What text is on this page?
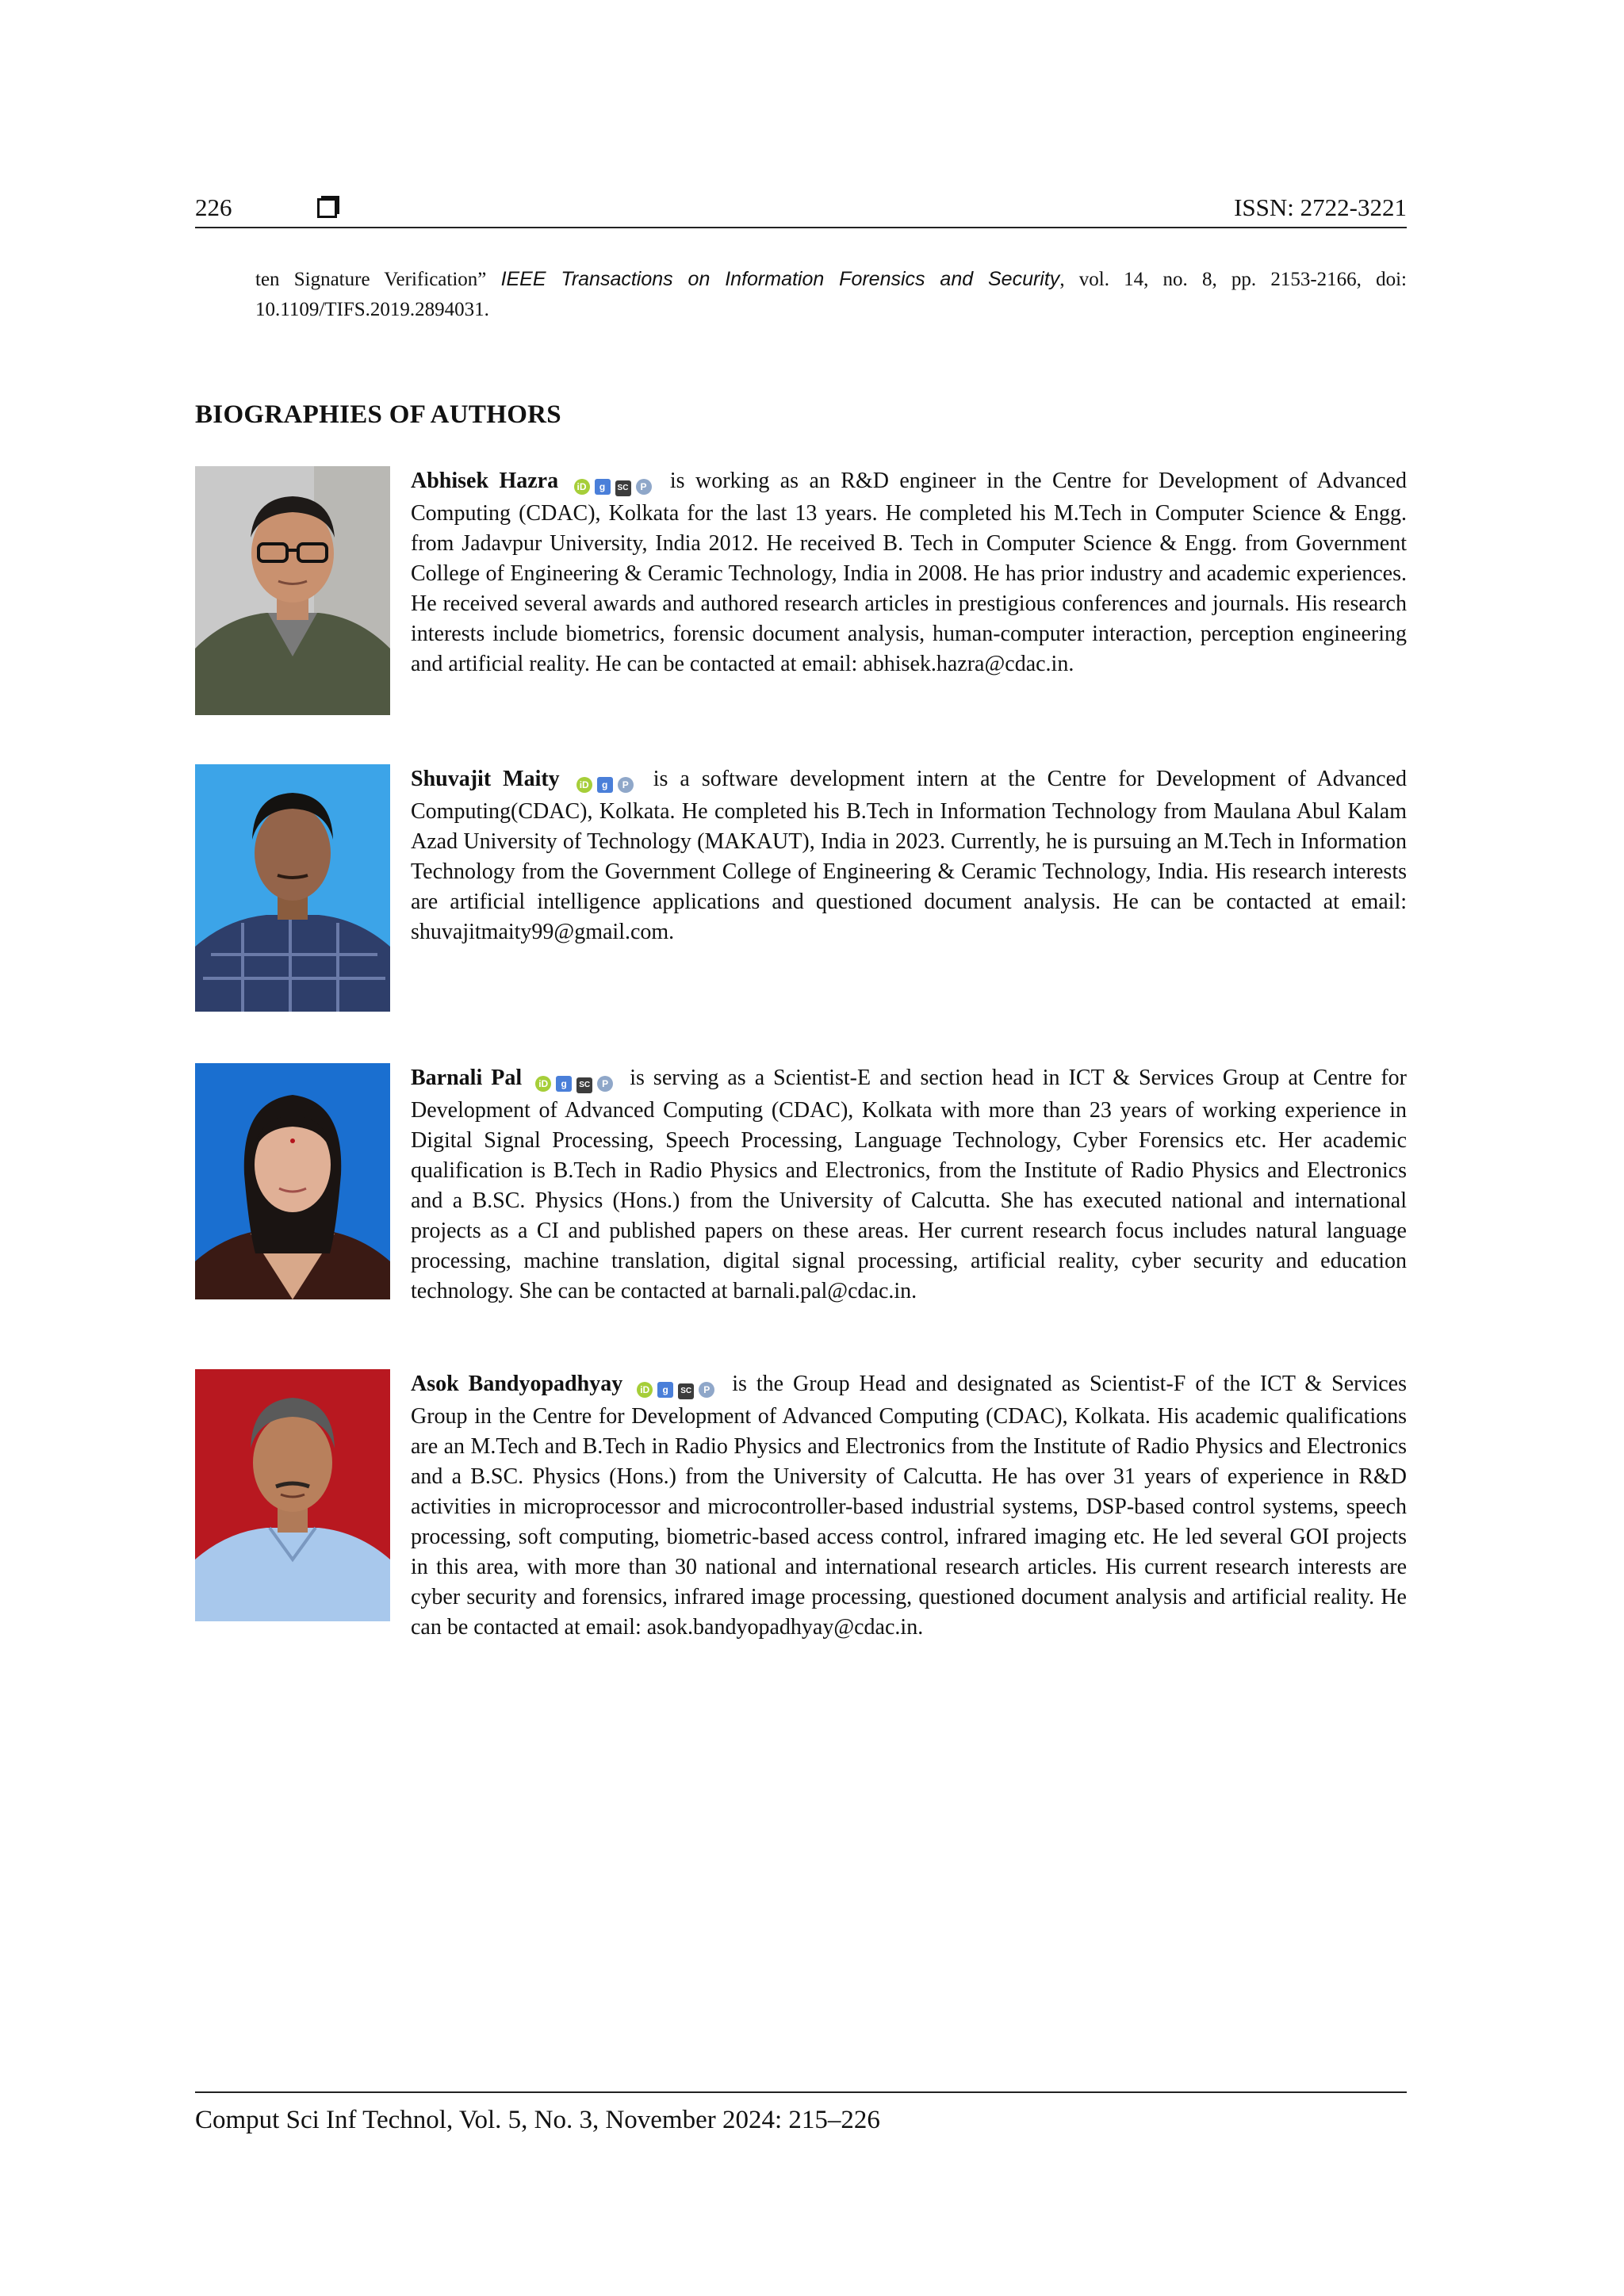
226	ISSN: 2722-3221
ten Signature Verification” IEEE Transactions on Information Forensics and Security, vol. 14, no. 8, pp. 2153-2166, doi: 10.1109/TIFS.2019.2894031.
BIOGRAPHIES OF AUTHORS
Abhisek Hazra iD g SC P is working as an R&D engineer in the Centre for Development of Advanced Computing (CDAC), Kolkata for the last 13 years. He completed his M.Tech in Computer Science & Engg. from Jadavpur University, India 2012. He received B. Tech in Computer Science & Engg. from Government College of Engineering & Ceramic Technology, India in 2008. He has prior industry and academic experiences. He received several awards and authored research articles in prestigious conferences and journals. His research interests include biometrics, forensic document analysis, human-computer interaction, perception engineering and artificial reality. He can be contacted at email: abhisek.hazra@cdac.in.
Shuvajit Maity iD g P is a software development intern at the Centre for Development of Advanced Computing(CDAC), Kolkata. He completed his B.Tech in Information Technology from Maulana Abul Kalam Azad University of Technology (MAKAUT), India in 2023. Currently, he is pursuing an M.Tech in Information Technology from the Government College of Engineering & Ceramic Technology, India. His research interests are artificial intelligence applications and questioned document analysis. He can be contacted at email: shuvajitmaity99@gmail.com.
Barnali Pal iD g SC P is serving as a Scientist-E and section head in ICT & Services Group at Centre for Development of Advanced Computing (CDAC), Kolkata with more than 23 years of working experience in Digital Signal Processing, Speech Processing, Language Technology, Cyber Forensics etc. Her academic qualification is B.Tech in Radio Physics and Electronics, from the Institute of Radio Physics and Electronics and a B.SC. Physics (Hons.) from the University of Calcutta. She has executed national and international projects as a CI and published papers on these areas. Her current research focus includes natural language processing, machine translation, digital signal processing, artificial reality, cyber security and education technology. She can be contacted at barnali.pal@cdac.in.
Asok Bandyopadhyay iD g SC P is the Group Head and designated as Scientist-F of the ICT & Services Group in the Centre for Development of Advanced Computing (CDAC), Kolkata. His academic qualifications are an M.Tech and B.Tech in Radio Physics and Electronics from the Institute of Radio Physics and Electronics and a B.SC. Physics (Hons.) from the University of Calcutta. He has over 31 years of experience in R&D activities in microprocessor and microcontroller-based industrial systems, DSP-based control systems, speech processing, soft computing, biometric-based access control, infrared imaging etc. He led several GOI projects in this area, with more than 30 national and international research articles. His current research interests are cyber security and forensics, infrared image processing, questioned document analysis and artificial reality. He can be contacted at email: asok.bandyopadhyay@cdac.in.
Comput Sci Inf Technol, Vol. 5, No. 3, November 2024: 215–226
